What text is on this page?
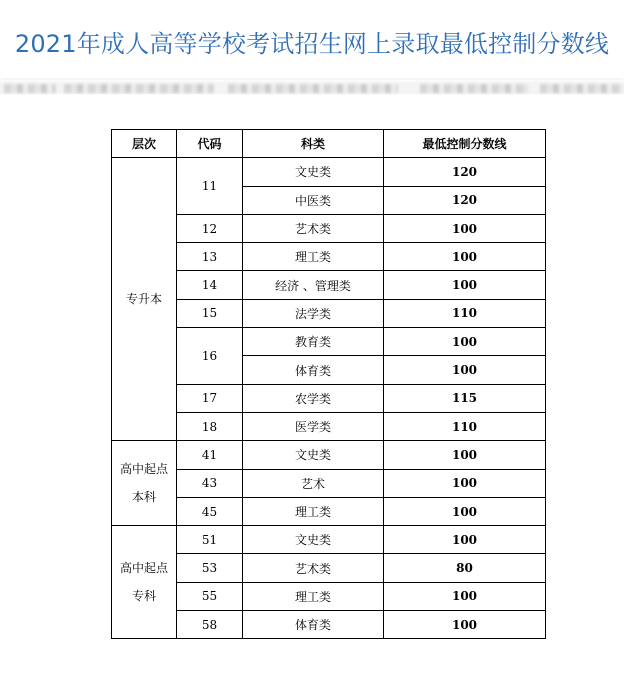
2021年成人高等学校考试招生网上录取最低控制分数线
层次	代码	科类	最低控制分数线
专升本	11	文史类	120
		中医类	120
	12	艺术类	100
	13	理工类	100
	14	经济 、管理类	100
	15	法学类	110
	16	教育类	100
		体育类	100
	17	农学类	115
	18	医学类	110
高中起点
本科	41	文史类	100
	43	艺术	100
	45	理工类	100
高中起点
专科	51	文史类	100
	53	艺术类	80
	55	理工类	100
	58	体育类	100
